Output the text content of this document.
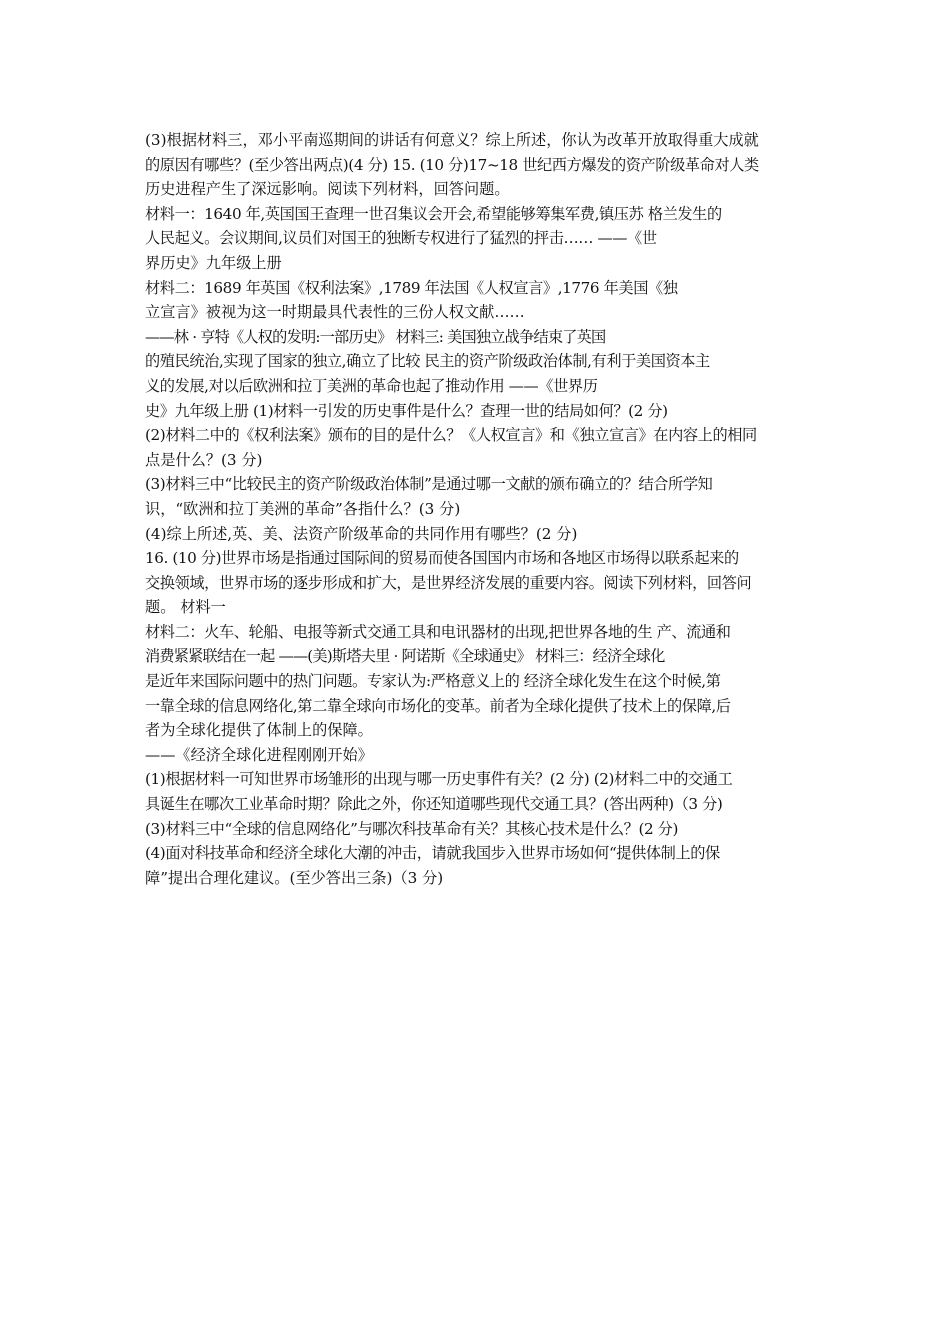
(3)根据材料三，邓小平南巡期间的讲话有何意义？综上所述，你认为改革开放取得重大成就
的原因有哪些？(至少答出两点)(4 分) 15. (10 分)17~18 世纪西方爆发的资产阶级革命对人类
历史进程产生了深远影响。阅读下列材料，回答问题。
材料一：1640 年,英国国王查理一世召集议会开会,希望能够筹集军费,镇压苏 格兰发生的
人民起义。会议期间,议员们对国王的独断专权进行了猛烈的抨击…… ——《世
界历史》九年级上册
材料二：1689 年英国《权利法案》,1789 年法国《人权宣言》,1776 年美国《独
立宣言》被视为这一时期最具代表性的三份人权文献……
——林 · 亨特《人权的发明:一部历史》 材料三: 美国独立战争结束了英国
的殖民统治,实现了国家的独立,确立了比较 民主的资产阶级政治体制,有利于美国资本主
义的发展,对以后欧洲和拉丁美洲的革命也起了推动作用 ——《世界历
史》九年级上册 (1)材料一引发的历史事件是什么？查理一世的结局如何？(2 分)
(2)材料二中的《权利法案》颁布的目的是什么？《人权宣言》和《独立宣言》在内容上的相同
点是什么？(3 分)
(3)材料三中“比较民主的资产阶级政治体制”是通过哪一文献的颁布确立的？结合所学知
识，“欧洲和拉丁美洲的革命”各指什么？(3 分)
(4)综上所述,英、美、法资产阶级革命的共同作用有哪些？(2 分)
16. (10 分)世界市场是指通过国际间的贸易而使各国国内市场和各地区市场得以联系起来的
交换领域，世界市场的逐步形成和扩大，是世界经济发展的重要内容。阅读下列材料，回答问
题。 材料一
材料二：火车、轮船、电报等新式交通工具和电讯器材的出现,把世界各地的生 产、流通和
消费紧紧联结在一起 ——(美)斯塔夫里 · 阿诺斯《全球通史》 材料三：经济全球化
是近年来国际问题中的热门问题。专家认为:严格意义上的 经济全球化发生在这个时候,第
一靠全球的信息网络化,第二靠全球向市场化的变革。前者为全球化提供了技术上的保障,后
者为全球化提供了体制上的保障。
——《经济全球化进程刚刚开始》
(1)根据材料一可知世界市场雏形的出现与哪一历史事件有关？(2 分) (2)材料二中的交通工
具诞生在哪次工业革命时期？除此之外，你还知道哪些现代交通工具？(答出两种)（3 分)
(3)材料三中“全球的信息网络化”与哪次科技革命有关？其核心技术是什么？(2 分)
(4)面对科技革命和经济全球化大潮的冲击，请就我国步入世界市场如何“提供体制上的保
障”提出合理化建议。(至少答出三条)（3 分)
